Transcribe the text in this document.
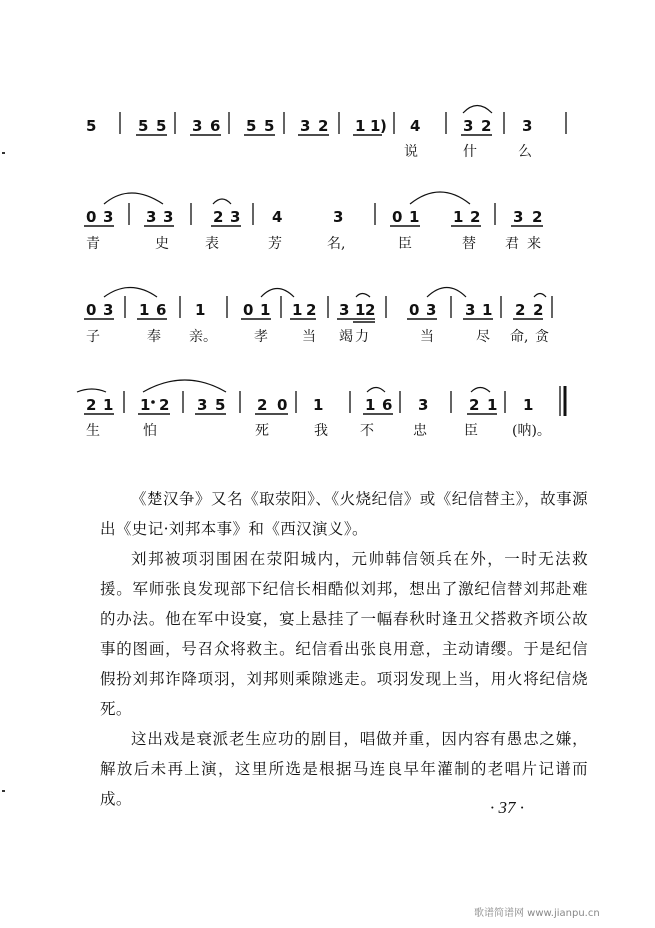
5	5 5 3 6 5 5 3 2 1 1) 4	3 2 3
说	什	么
0 3 3 3	2 3 4	3	0 1 1 2 3 2
青	史	表	芳	名,	臣	替 君 来
0 3 1 6 1	0 1 1 2 3 12 0 3 3 1 2 2
子	奉 亲。	孝 当 竭 力	当	尽 命, 贪
2 1 1 2 3 5 2 0 1	1 6 3	2 1 1
生	怕	死	我 不	忠	臣 (呐)。

《楚汉争》又名《取荥阳》、《火烧纪信》或《纪信替主》，故事源出《史记·刘邦本事》和《西汉演义》。

刘邦被项羽围困在荥阳城内，元帅韩信领兵在外，一时无法救援。军师张良发现部下纪信长相酷似刘邦，想出了激纪信替刘邦赴难的办法。他在军中设宴，宴上悬挂了一幅春秋时逢丑父搭救齐顷公故事的图画，号召众将救主。纪信看出张良用意，主动请缨。于是纪信假扮刘邦诈降项羽，刘邦则乘隙逃走。项羽发现上当，用火将纪信烧死。

这出戏是衰派老生应功的剧目，唱做并重，因内容有愚忠之嫌，解放后未再上演，这里所选是根据马连良早年灌制的老唱片记谱而成。	· 37 ·
歌谱简谱网 www.jianpu.cn
